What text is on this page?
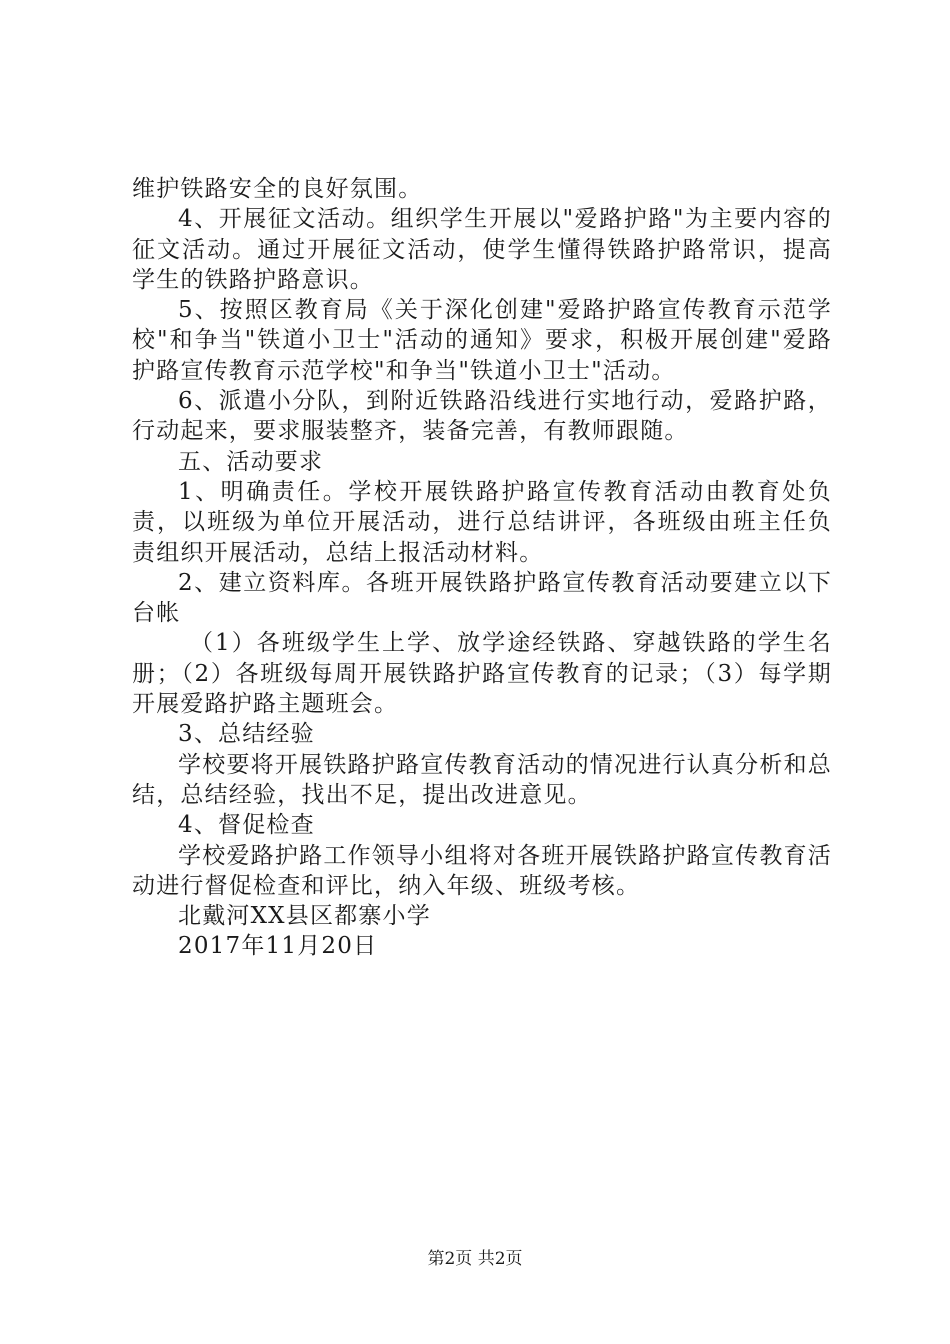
维护铁路安全的良好氛围。

4、开展征文活动。组织学生开展以"爱路护路"为主要内容的征文活动。通过开展征文活动，使学生懂得铁路护路常识，提高学生的铁路护路意识。

5、按照区教育局《关于深化创建"爱路护路宣传教育示范学校"和争当"铁道小卫士"活动的通知》要求，积极开展创建"爱路护路宣传教育示范学校"和争当"铁道小卫士"活动。

6、派遣小分队，到附近铁路沿线进行实地行动，爱路护路，行动起来，要求服装整齐，装备完善，有教师跟随。

五、活动要求

1、明确责任。学校开展铁路护路宣传教育活动由教育处负责，以班级为单位开展活动，进行总结讲评，各班级由班主任负责组织开展活动，总结上报活动材料。

2、建立资料库。各班开展铁路护路宣传教育活动要建立以下台帐

（1）各班级学生上学、放学途经铁路、穿越铁路的学生名册；（2）各班级每周开展铁路护路宣传教育的记录；（3）每学期开展爱路护路主题班会。

3、总结经验

学校要将开展铁路护路宣传教育活动的情况进行认真分析和总结，总结经验，找出不足，提出改进意见。

4、督促检查

学校爱路护路工作领导小组将对各班开展铁路护路宣传教育活动进行督促检查和评比，纳入年级、班级考核。

北戴河XX县区都寨小学

2017年11月20日

第2页 共2页
